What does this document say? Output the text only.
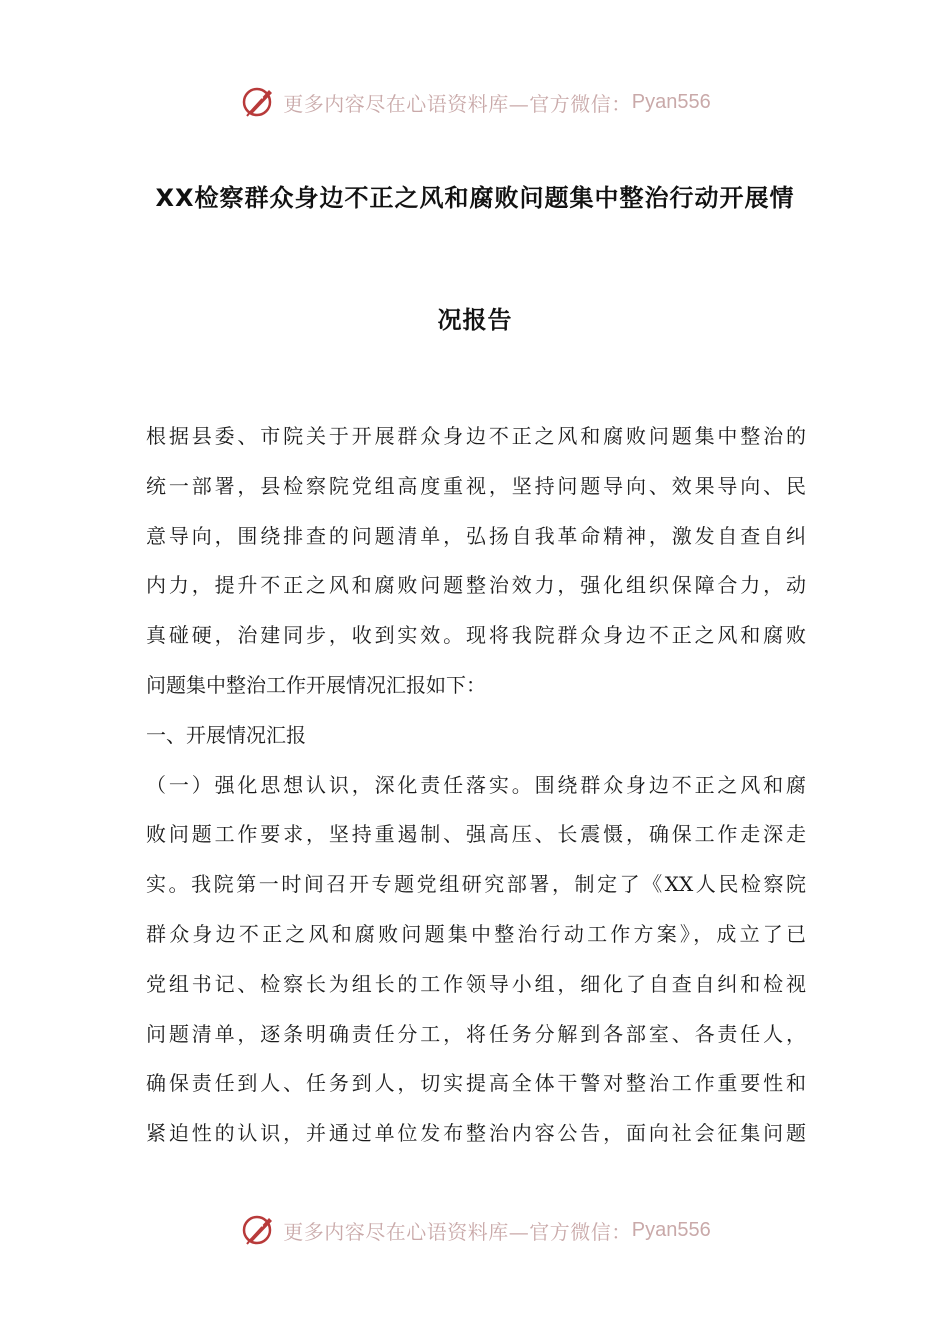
更多内容尽在心语资料库—官方微信： Pyan556
XX检察群众身边不正之风和腐败问题集中整治行动开展情
况报告
根据县委、市院关于开展群众身边不正之风和腐败问题集中整治的
统一部署，县检察院党组高度重视，坚持问题导向、效果导向、民
意导向，围绕排查的问题清单，弘扬自我革命精神，激发自查自纠
内力，提升不正之风和腐败问题整治效力，强化组织保障合力，动
真碰硬，治建同步，收到实效。现将我院群众身边不正之风和腐败
问题集中整治工作开展情况汇报如下：
一、开展情况汇报
（一）强化思想认识，深化责任落实。围绕群众身边不正之风和腐
败问题工作要求，坚持重遏制、强高压、长震慑，确保工作走深走
实。我院第一时间召开专题党组研究部署，制定了《XX人民检察院
群众身边不正之风和腐败问题集中整治行动工作方案》，成立了已
党组书记、检察长为组长的工作领导小组，细化了自查自纠和检视
问题清单，逐条明确责任分工，将任务分解到各部室、各责任人，
确保责任到人、任务到人，切实提高全体干警对整治工作重要性和
紧迫性的认识，并通过单位发布整治内容公告，面向社会征集问题
更多内容尽在心语资料库—官方微信： Pyan556
